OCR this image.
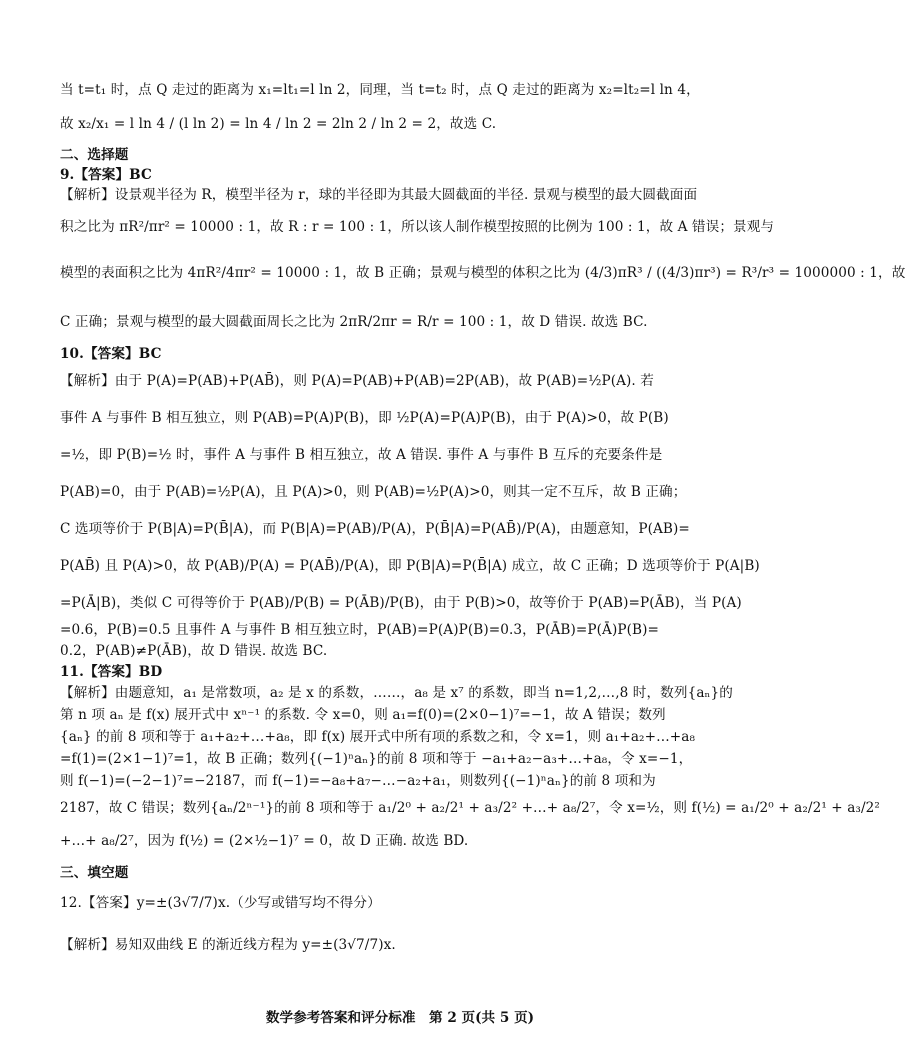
当 t=t₁ 时，点 Q 走过的距离为 x₁=lt₁=l ln 2，同理，当 t=t₂ 时，点 Q 走过的距离为 x₂=lt₂=l ln 4，
故 x₂/x₁ = l ln 4 / (l ln 2) = ln 4 / ln 2 = 2ln 2 / ln 2 = 2，故选 C.
二、选择题
9.【答案】BC
【解析】设景观半径为 R，模型半径为 r，球的半径即为其最大圆截面的半径. 景观与模型的最大圆截面面
积之比为 πR²/πr² = 10000 : 1，故 R : r = 100 : 1，所以该人制作模型按照的比例为 100 : 1，故 A 错误；景观与
模型的表面积之比为 4πR²/4πr² = 10000 : 1，故 B 正确；景观与模型的体积之比为 (4/3)πR³ / ((4/3)πr³) = R³/r³ = 1000000 : 1，故
C 正确；景观与模型的最大圆截面周长之比为 2πR/2πr = R/r = 100 : 1，故 D 错误. 故选 BC.
10.【答案】BC
【解析】由于 P(A)=P(AB)+P(AB̄)，则 P(A)=P(AB)+P(AB)=2P(AB)，故 P(AB)=½P(A). 若
事件 A 与事件 B 相互独立，则 P(AB)=P(A)P(B)，即 ½P(A)=P(A)P(B)，由于 P(A)>0，故 P(B)
=½，即 P(B)=½ 时，事件 A 与事件 B 相互独立，故 A 错误. 事件 A 与事件 B 互斥的充要条件是
P(AB)=0，由于 P(AB)=½P(A)，且 P(A)>0，则 P(AB)=½P(A)>0，则其一定不互斥，故 B 正确；
C 选项等价于 P(B|A)=P(B̄|A)，而 P(B|A)=P(AB)/P(A)，P(B̄|A)=P(AB̄)/P(A)，由题意知，P(AB)=
P(AB̄) 且 P(A)>0，故 P(AB)/P(A) = P(AB̄)/P(A)，即 P(B|A)=P(B̄|A) 成立，故 C 正确；D 选项等价于 P(A|B)
=P(Ā|B)，类似 C 可得等价于 P(AB)/P(B) = P(ĀB)/P(B)，由于 P(B)>0，故等价于 P(AB)=P(ĀB)，当 P(A)
=0.6，P(B)=0.5 且事件 A 与事件 B 相互独立时，P(AB)=P(A)P(B)=0.3，P(ĀB)=P(Ā)P(B)=
0.2，P(AB)≠P(ĀB)，故 D 错误. 故选 BC.
11.【答案】BD
【解析】由题意知，a₁ 是常数项，a₂ 是 x 的系数，……，a₈ 是 x⁷ 的系数，即当 n=1,2,…,8 时，数列{aₙ}的
第 n 项 aₙ 是 f(x) 展开式中 xⁿ⁻¹ 的系数. 令 x=0，则 a₁=f(0)=(2×0−1)⁷=−1，故 A 错误；数列
{aₙ} 的前 8 项和等于 a₁+a₂+…+a₈，即 f(x) 展开式中所有项的系数之和，令 x=1，则 a₁+a₂+…+a₈
=f(1)=(2×1−1)⁷=1，故 B 正确；数列{(−1)ⁿaₙ}的前 8 项和等于 −a₁+a₂−a₃+…+a₈，令 x=−1，
则 f(−1)=(−2−1)⁷=−2187，而 f(−1)=−a₈+a₇−…−a₂+a₁，则数列{(−1)ⁿaₙ}的前 8 项和为
2187，故 C 错误；数列{aₙ/2ⁿ⁻¹}的前 8 项和等于 a₁/2⁰ + a₂/2¹ + a₃/2² +…+ a₈/2⁷，令 x=½，则 f(½) = a₁/2⁰ + a₂/2¹ + a₃/2²
+…+ a₈/2⁷，因为 f(½) = (2×½−1)⁷ = 0，故 D 正确. 故选 BD.
三、填空题
12.【答案】y=±(3√7/7)x.（少写或错写均不得分）
【解析】易知双曲线 E 的渐近线方程为 y=±(3√7/7)x.
数学参考答案和评分标准　第 2 页(共 5 页)
